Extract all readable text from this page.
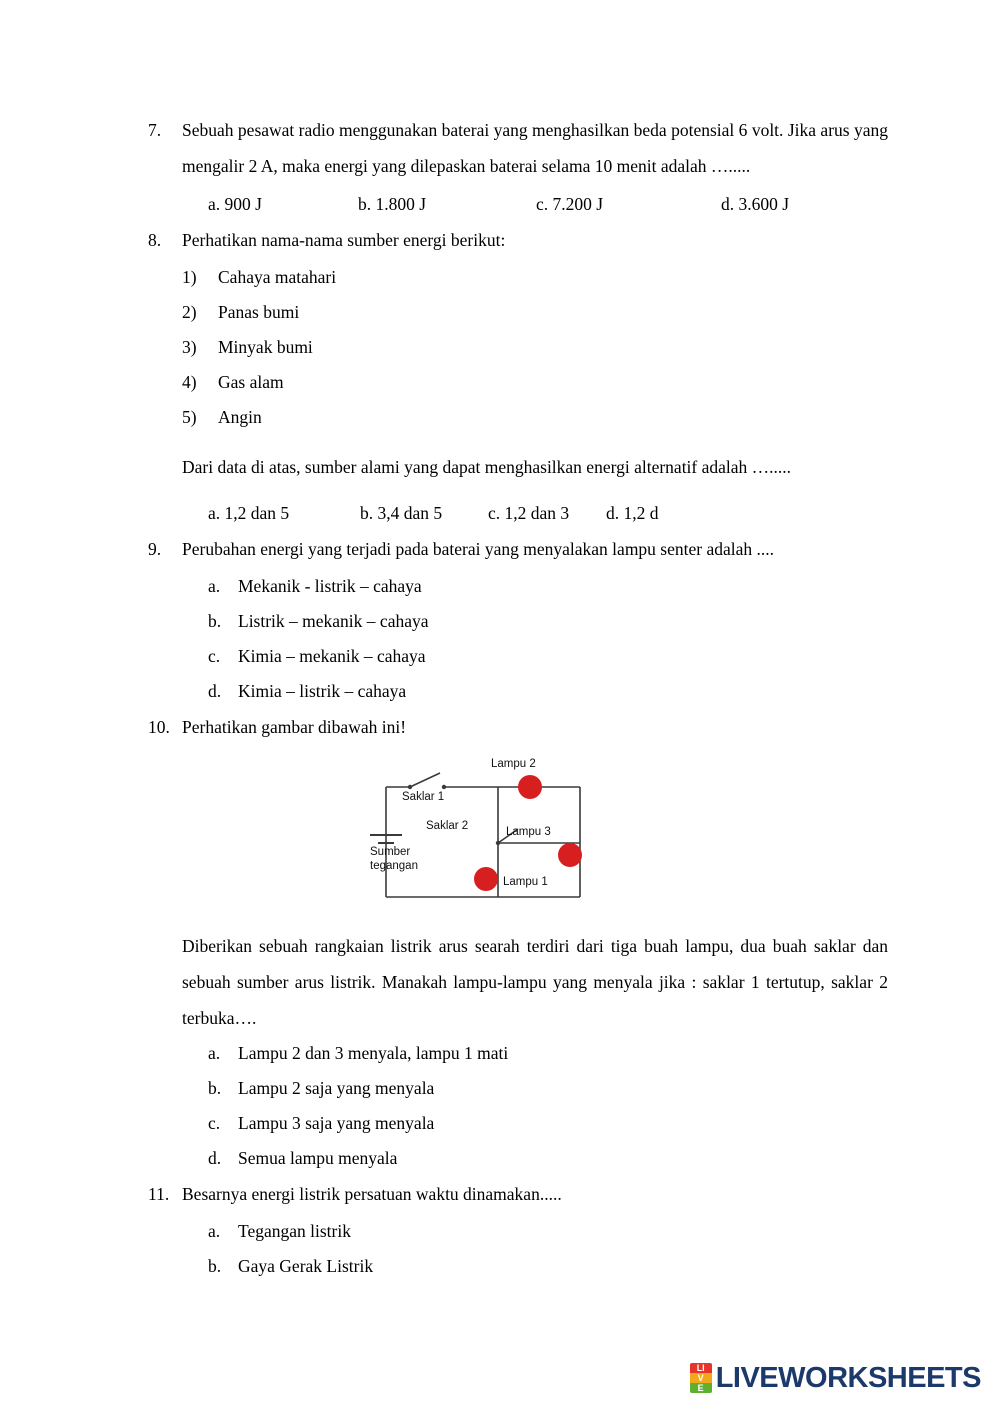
7.	Sebuah pesawat radio menggunakan baterai yang menghasilkan beda potensial 6 volt. Jika arus yang mengalir 2 A, maka energi yang dilepaskan baterai selama 10 menit adalah ….....
a. 900 J	b. 1.800 J	c. 7.200 J	d. 3.600 J
8.	Perhatikan nama-nama sumber energi berikut:
1)	Cahaya matahari
2)	Panas bumi
3)	Minyak bumi
4)	Gas alam
5)	Angin
Dari data di atas, sumber alami yang dapat menghasilkan energi alternatif adalah ….....
a. 1,2 dan 5	b. 3,4 dan 5	c. 1,2 dan 3	d. 1,2 d
9.	Perubahan energi yang terjadi pada baterai yang menyalakan lampu senter adalah ....
a.	Mekanik - listrik – cahaya
b. Listrik – mekanik – cahaya
c.	Kimia – mekanik – cahaya
d. Kimia – listrik – cahaya
10. Perhatikan gambar dibawah ini!
Lampu 2
Saklar 1
Saklar 2	Lampu 3
Sumber
tegangan
Lampu 1
Diberikan sebuah rangkaian listrik arus searah terdiri dari tiga buah lampu, dua buah saklar dan sebuah sumber arus listrik. Manakah lampu-lampu yang menyala jika : saklar 1 tertutup, saklar 2 terbuka….
a.	Lampu 2 dan 3 menyala, lampu 1 mati
b. Lampu 2 saja yang menyala
c.	Lampu 3 saja yang menyala
d. Semua lampu menyala
11. Besarnya energi listrik persatuan waktu dinamakan.....
a.	Tegangan listrik
b. Gaya Gerak Listrik
LI
V
E LIVEWORKSHEETS
